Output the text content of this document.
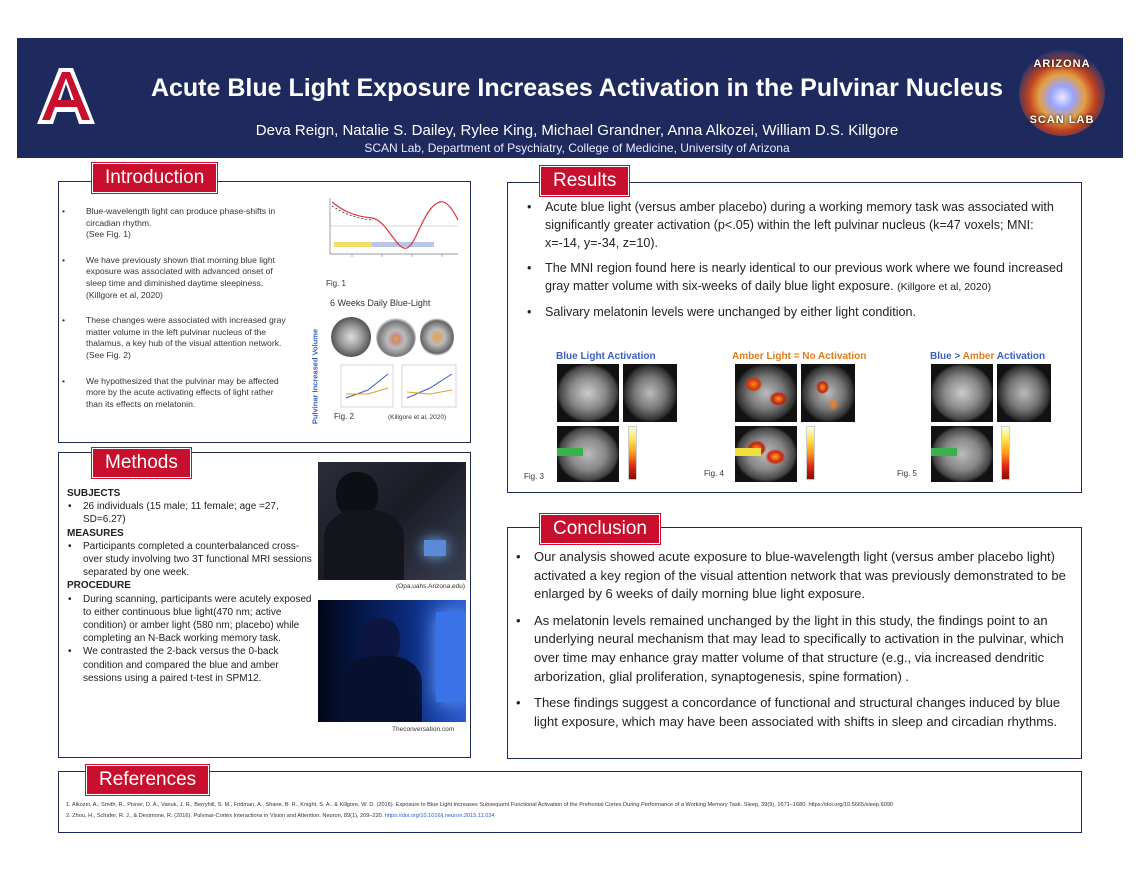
Acute Blue Light Exposure Increases Activation in the Pulvinar Nucleus
Deva Reign, Natalie S. Dailey, Rylee King, Michael Grandner, Anna Alkozei, William D.S. Killgore
SCAN Lab, Department of Psychiatry, College of Medicine, University of Arizona
ARIZONA
SCAN LAB
Introduction
• Blue-wavelength light can produce phase-shifts in circadian rhythm.
(See Fig. 1)
• We have previously shown that morning blue light exposure was associated with advanced onset of sleep time and diminished daytime sleepiness. (Killgore et al, 2020)
• These changes were associated with increased gray matter volume in the left pulvinar nucleus of the thalamus, a key hub of the visual attention network. (See Fig. 2)
• We hypothesized that the pulvinar may be affected more by the acute activating effects of light rather than its effects on melatonin.
Fig. 1
6 Weeks Daily Blue-Light
Pulvinar Increased Volume Fig. 2	(Killgore et al, 2020)
Methods
SUBJECTS
• 26 individuals (15 male; 11 female; age =27, SD=6.27)
MEASURES
• Participants completed a counterbalanced cross-over study involving two 3T functional MRI sessions separated by one week.
PROCEDURE
• During scanning, participants were acutely exposed to either continuous blue light(470 nm; active condition) or amber light (580 nm; placebo) while completing an N-Back working memory task.
• We contrasted the 2-back versus the 0-back condition and compared the blue and amber sessions using a paired t-test in SPM12.
(Opa.uahs.Arizona.edu)
Theconversation.com
Results
• Acute blue light (versus amber placebo) during a working memory task was associated with significantly greater activation (p<.05) within the left pulvinar nucleus (k=47 voxels; MNI: x=-14, y=-34, z=10).
• The MNI region found here is nearly identical to our previous work where we found increased gray matter volume with six-weeks of daily blue light exposure. (Killgore et al, 2020)
• Salivary melatonin levels were unchanged by either light condition.
Blue Light Activation	Amber Light = No Activation	Blue > Amber Activation
Fig. 3	Fig. 4	Fig. 5
Conclusion
• Our analysis showed acute exposure to blue-wavelength light (versus amber placebo light) activated a key region of the visual attention network that was previously demonstrated to be enlarged by 6 weeks of daily morning blue light exposure.
• As melatonin levels remained unchanged by the light in this study, the findings point to an underlying neural mechanism that may lead to specifically to activation in the pulvinar, which over time may enhance gray matter volume of that structure (e.g., via increased dendritic arborization, glial proliferation, synaptogenesis, spine formation) .
• These findings suggest a concordance of functional and structural changes induced by blue light exposure, which may have been associated with shifts in sleep and circadian rhythms.
References
1. Alkozei, A., Smith, R., Pisner, D. A., Vanuk, J. R., Berryhill, S. M., Fridman, A., Shane, B. R., Knight, S. A., & Killgore, W. D. (2016). Exposure to Blue Light Increases Subsequent Functional Activation of the Prefrontal Cortex During Performance of a Working Memory Task. Sleep, 39(9), 1671–1680. https://doi.org/10.5665/sleep.6090
2. Zhou, H., Schafer, R. J., & Desimone, R. (2016). Pulvinar-Cortex Interactions in Vision and Attention. Neuron, 89(1), 209–220. https://doi.org/10.1016/j.neuron.2015.11.034
